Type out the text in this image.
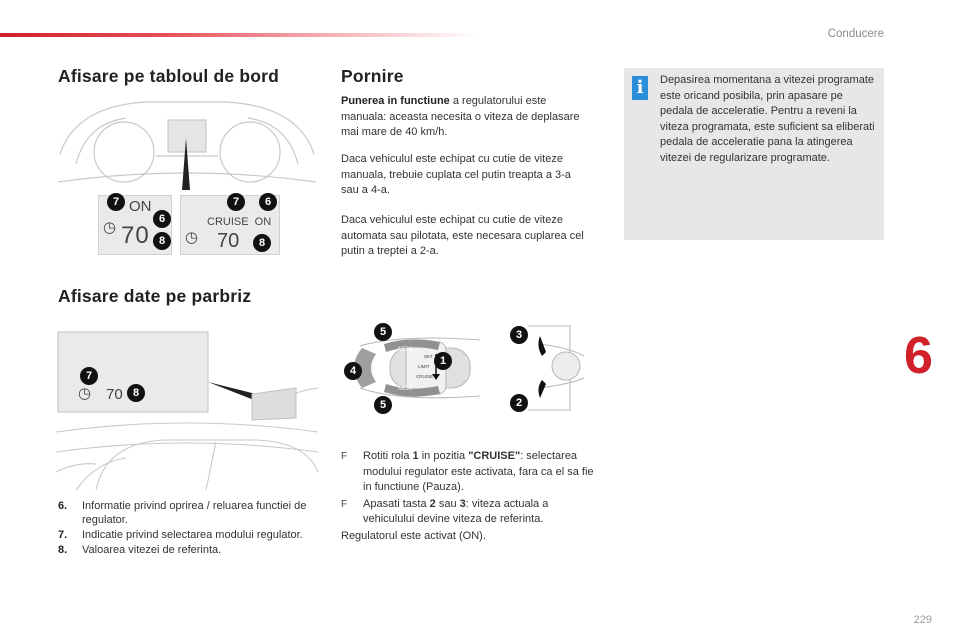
Conducere
6
229
Afisare pe tabloul de bord
7 ON
6
◷ 70 8
7	6
CRUISE  ON
◷ 70	8
Afisare date pe parbriz
7
◷ 70 8
6.	Informatie privind oprirea / reluarea functiei de regulator.
7.	Indicatie privind selectarea modului regulator.
8.	Valoarea vitezei de referinta.
Pornire

Punerea in functiune a regulatorului este manuala: aceasta necesita o viteza de deplasare mai mare de 40 km/h.

Daca vehiculul este echipat cu cutie de viteze manuala, trebuie cuplata cel putin treapta a 3-a sau a 4-a.

Daca vehiculul este echipat cu cutie de viteze automata sau pilotata, este necesara cuplarea cel putin a treptei a 2-a.

MEM
SET
LIMIT
CRUISE
MEM
5
4
5
1
3
2
F	Rotiti rola 1 in pozitia "CRUISE": selectarea modului regulator este activata, fara ca el sa fie in functiune (Pauza).
F	Apasati tasta 2 sau 3: viteza actuala a vehiculului devine viteza de referinta.

Regulatorul este activat (ON).

i	Depasirea momentana a vitezei programate este oricand posibila, prin apasare pe pedala de acceleratie. Pentru a reveni la viteza programata, este suficient sa eliberati pedala de acceleratie pana la atingerea vitezei de regularizare programate.
